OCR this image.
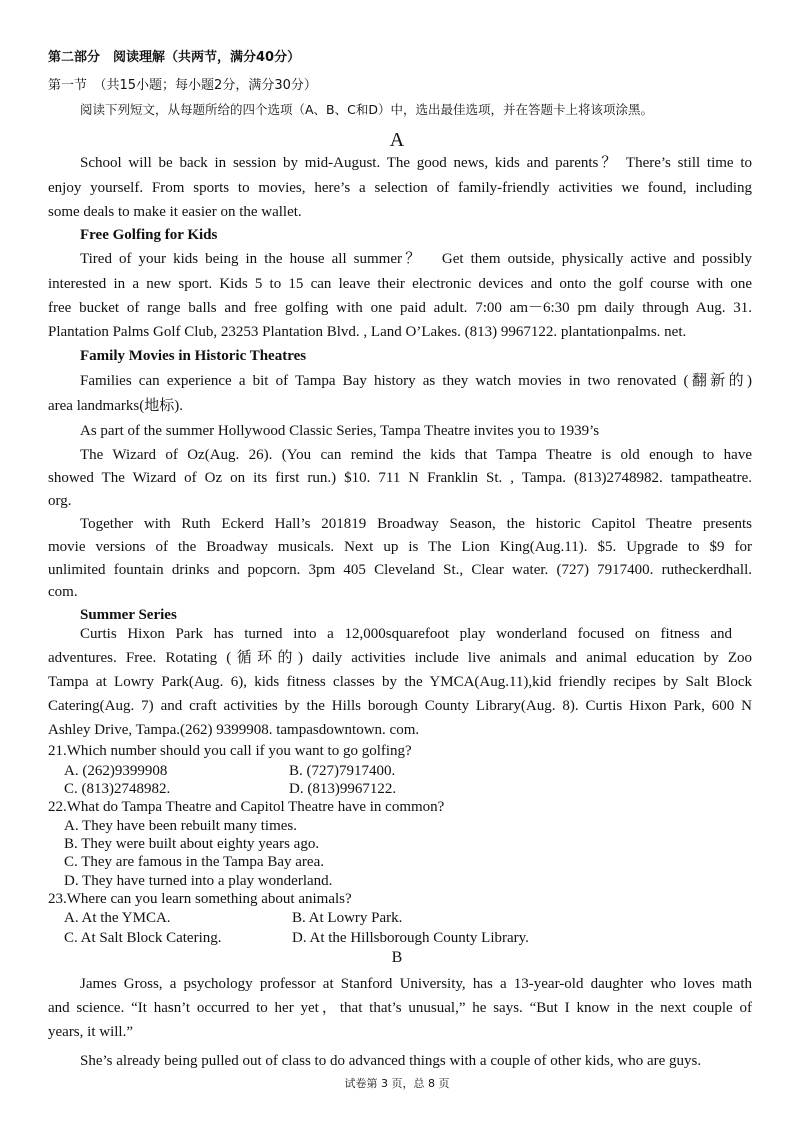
第二部分　阅读理解（共两节，满分40分）
第一节　（共15小题；每小题2分，满分30分）
阅读下列短文，从每题所给的四个选项（A、B、C和D）中，选出最佳选项，并在答题卡上将该项涂黑。
A
School will be back in session by mid-August. The good news, kids and parents？ There’s still time to
enjoy yourself. From sports to movies, here’s a selection of family-friendly activities we found, including
some deals to make it easier on the wallet.
Free Golfing for Kids
Tired of your kids being in the house all summer？　Get them outside, physically active and possibly
interested in a new sport. Kids 5 to 15 can leave their electronic devices and onto the golf course with one
free bucket of range balls and free golfing with one paid adult. 7:00 am－6:30 pm daily through Aug. 31.
Plantation Palms Golf Club, 23253 Plantation Blvd. , Land O’Lakes. (813) 9967122. plantationpalms. net.
Family Movies in Historic Theatres
Families can experience a bit of Tampa Bay history as they watch movies in two renovated (翻新的)
area landmarks(地标).
As part of the summer Hollywood Classic Series, Tampa Theatre invites you to 1939’s
The Wizard of Oz(Aug. 26). (You can remind the kids that Tampa Theatre is old enough to have
showed The Wizard of Oz on its first run.) $10. 711 N Franklin St. , Tampa. (813)2748982. tampatheatre.
org.
Together with Ruth Eckerd Hall’s 201819 Broadway Season, the historic Capitol Theatre presents
movie versions of the Broadway musicals. Next up is The Lion King(Aug.11). $5. Upgrade to $9 for
unlimited fountain drinks and popcorn. 3pm 405 Cleveland St., Clear water. (727) 7917400. rutheckerdhall.
com.
Summer Series
Curtis Hixon Park has turned into a 12,000squarefoot play wonderland focused on fitness and
adventures. Free. Rotating (循环的) daily activities include live animals and animal education by Zoo
Tampa at Lowry Park(Aug. 6), kids fitness classes by the YMCA(Aug.11),kid friendly recipes by Salt Block
Catering(Aug. 7) and craft activities by the Hills borough County Library(Aug. 8). Curtis Hixon Park, 600 N
Ashley Drive, Tampa.(262) 9399908. tampasdowntown. com.
21.Which number should you call if you want to go golfing?
A. (262)9399908	B. (727)7917400.
C. (813)2748982.	D. (813)9967122.
22.What do Tampa Theatre and Capitol Theatre have in common?
A. They have been rebuilt many times.
B. They were built about eighty years ago.
C. They are famous in the Tampa Bay area.
D. They have turned into a play wonderland.
23.Where can you learn something about animals?
A. At the YMCA.	B. At Lowry Park.
C. At Salt Block Catering.	D. At the Hillsborough County Library.
B
James Gross, a psychology professor at Stanford University, has a 13-year-old daughter who loves math
and science. “It hasn’t occurred to her yet，that that’s unusual,” he says. “But I know in the next couple of
years, it will.”
She’s already being pulled out of class to do advanced things with a couple of other kids, who are guys.
试卷第 3 页，总 8 页
